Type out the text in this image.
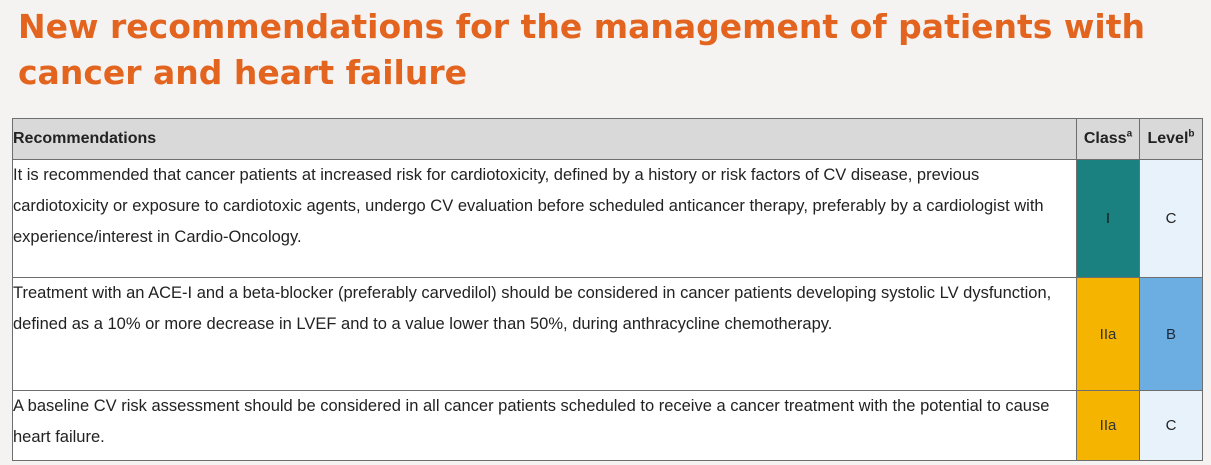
New recommendations for the management of patients with cancer and heart failure
Recommendations	Class$^a$	Level$^b$
It is recommended that cancer patients at increased risk for cardiotoxicity, defined by a history or risk factors of CV disease, previous cardiotoxicity or exposure to cardiotoxic agents, undergo CV evaluation before scheduled anticancer therapy, preferably by a cardiologist with experience/interest in Cardio-Oncology.	I	C
Treatment with an ACE-I and a beta-blocker (preferably carvedilol) should be considered in cancer patients developing systolic LV dysfunction, defined as a 10% or more decrease in LVEF and to a value lower than 50%, during anthracycline chemotherapy.	IIa	B
A baseline CV risk assessment should be considered in all cancer patients scheduled to receive a cancer treatment with the potential to cause heart failure.	IIa	C
